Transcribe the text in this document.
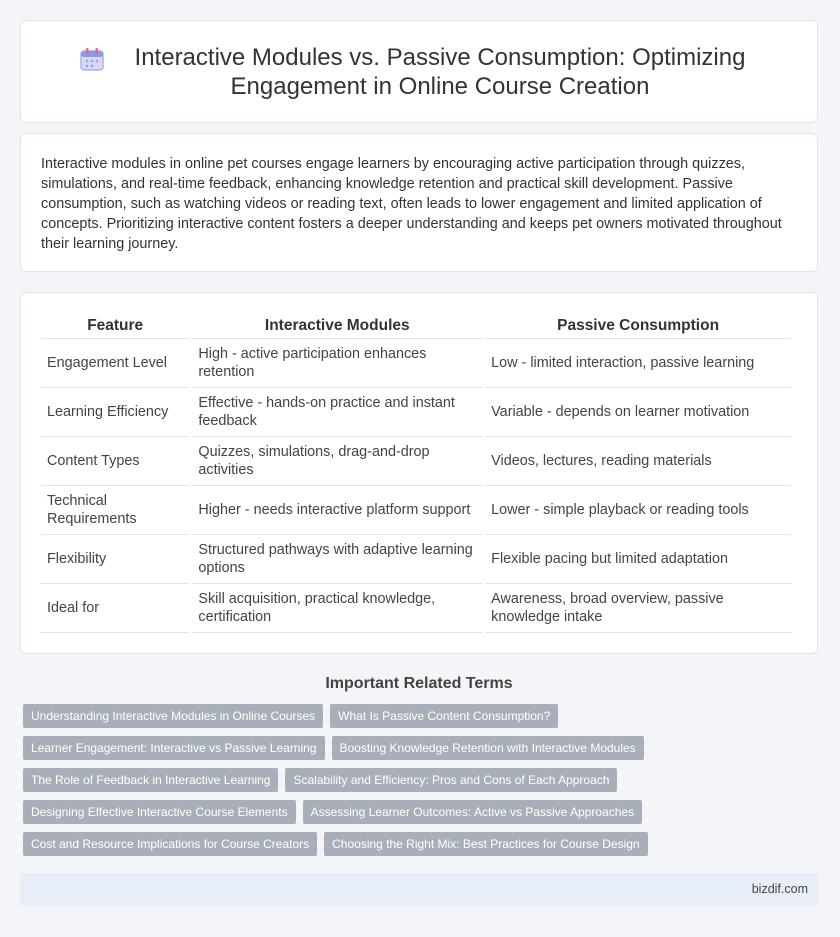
Interactive Modules vs. Passive Consumption: Optimizing Engagement in Online Course Creation

Interactive modules in online pet courses engage learners by encouraging active participation through quizzes, simulations, and real-time feedback, enhancing knowledge retention and practical skill development. Passive consumption, such as watching videos or reading text, often leads to lower engagement and limited application of concepts. Prioritizing interactive content fosters a deeper understanding and keeps pet owners motivated throughout their learning journey.

Feature	Interactive Modules	Passive Consumption
Engagement Level	High - active participation enhances retention	Low - limited interaction, passive learning
Learning Efficiency	Effective - hands-on practice and instant feedback	Variable - depends on learner motivation
Content Types	Quizzes, simulations, drag-and-drop activities	Videos, lectures, reading materials
Technical Requirements	Higher - needs interactive platform support	Lower - simple playback or reading tools
Flexibility	Structured pathways with adaptive learning options	Flexible pacing but limited adaptation
Ideal for	Skill acquisition, practical knowledge, certification	Awareness, broad overview, passive knowledge intake
Important Related Terms
Understanding Interactive Modules in Online Courses	What Is Passive Content Consumption?
Learner Engagement: Interactive vs Passive Learning	Boosting Knowledge Retention with Interactive Modules
The Role of Feedback in Interactive Learning	Scalability and Efficiency: Pros and Cons of Each Approach
Designing Effective Interactive Course Elements	Assessing Learner Outcomes: Active vs Passive Approaches
Cost and Resource Implications for Course Creators	Choosing the Right Mix: Best Practices for Course Design
bizdif.com
